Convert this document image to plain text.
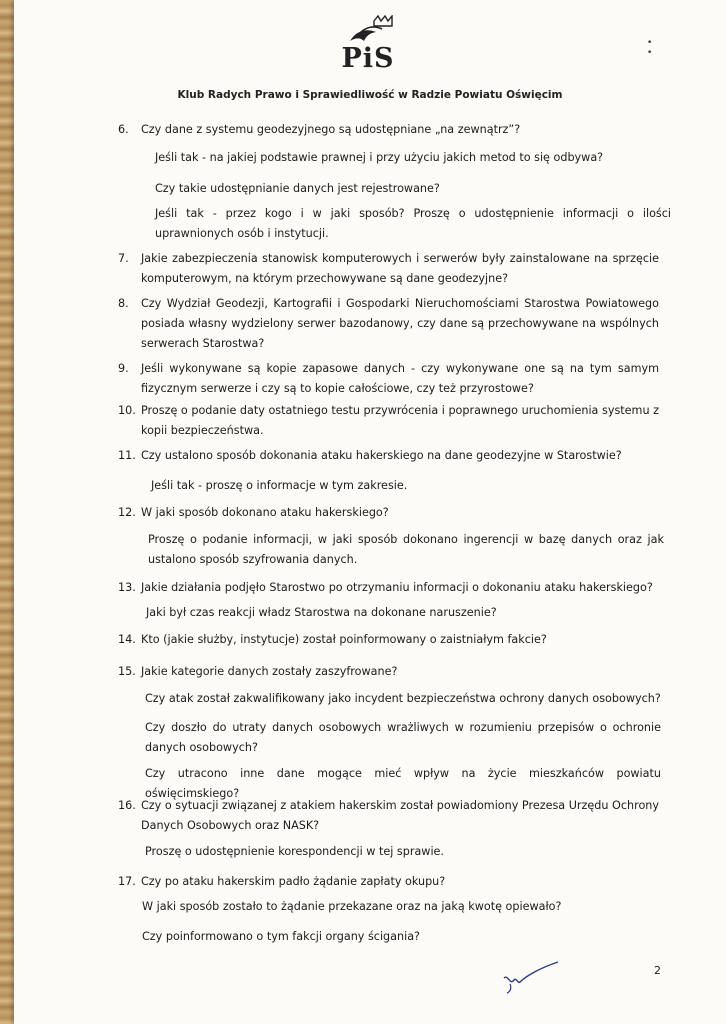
PiS	• •
Klub Radych Prawo i Sprawiedliwość w Radzie Powiatu Oświęcim
6.	Czy dane z systemu geodezyjnego są udostępniane „na zewnątrz”?
Jeśli tak - na jakiej podstawie prawnej i przy użyciu jakich metod to się odbywa?
Czy takie udostępnianie danych jest rejestrowane?
Jeśli tak - przez kogo i w jaki sposób? Proszę o udostępnienie informacji o ilości uprawnionych osób i instytucji.
7.	Jakie zabezpieczenia stanowisk komputerowych i serwerów były zainstalowane na sprzęcie komputerowym, na którym przechowywane są dane geodezyjne?
8.	Czy Wydział Geodezji, Kartografii i Gospodarki Nieruchomościami Starostwa Powiatowego posiada własny wydzielony serwer bazodanowy, czy dane są przechowywane na wspólnych serwerach Starostwa?
9.	Jeśli wykonywane są kopie zapasowe danych - czy wykonywane one są na tym samym fizycznym serwerze i czy są to kopie całościowe, czy też przyrostowe?
10. Proszę o podanie daty ostatniego testu przywrócenia i poprawnego uruchomienia systemu z kopii bezpieczeństwa.
11. Czy ustalono sposób dokonania ataku hakerskiego na dane geodezyjne w Starostwie?
Jeśli tak - proszę o informacje w tym zakresie.
12. W jaki sposób dokonano ataku hakerskiego?
Proszę o podanie informacji, w jaki sposób dokonano ingerencji w bazę danych oraz jak ustalono sposób szyfrowania danych.
13. Jakie działania podjęło Starostwo po otrzymaniu informacji o dokonaniu ataku hakerskiego?
Jaki był czas reakcji władz Starostwa na dokonane naruszenie?
14. Kto (jakie służby, instytucje) został poinformowany o zaistniałym fakcie?
15. Jakie kategorie danych zostały zaszyfrowane?
Czy atak został zakwalifikowany jako incydent bezpieczeństwa ochrony danych osobowych?
Czy doszło do utraty danych osobowych wrażliwych w rozumieniu przepisów o ochronie danych osobowych?
Czy utracono inne dane mogące mieć wpływ na życie mieszkańców powiatu oświęcimskiego?
16. Czy o sytuacji związanej z atakiem hakerskim został powiadomiony Prezesa Urzędu Ochrony Danych Osobowych oraz NASK?
Proszę o udostępnienie korespondencji w tej sprawie.
17. Czy po ataku hakerskim padło żądanie zapłaty okupu?
W jaki sposób zostało to żądanie przekazane oraz na jaką kwotę opiewało?
Czy poinformowano o tym fakcji organy ścigania?
2
